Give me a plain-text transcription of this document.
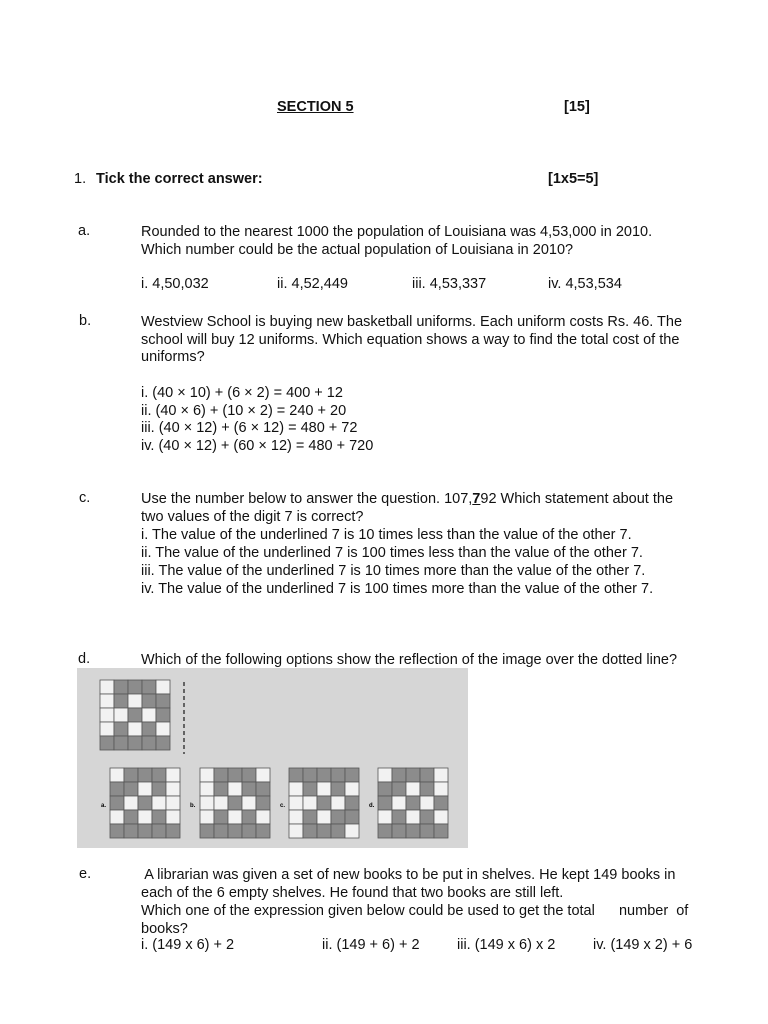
SECTION 5	[15]
1. Tick the correct answer:	[1x5=5]
a.	Rounded to the nearest 1000 the population of Louisiana was 4,53,000 in 2010.
Which number could be the actual population of Louisiana in 2010?
i. 4,50,032	ii. 4,52,449	iii. 4,53,337	iv. 4,53,534
b.	Westview School is buying new basketball uniforms. Each uniform costs Rs. 46. The
school will buy 12 uniforms. Which equation shows a way to find the total cost of the
uniforms?
i. (40 × 10) + (6 × 2) = 400 + 12
ii. (40 × 6) + (10 × 2) = 240 + 20
iii. (40 × 12) + (6 × 12) = 480 + 72
iv. (40 × 12) + (60 × 12) = 480 + 720
c.	Use the number below to answer the question. 107,792 Which statement about the
two values of the digit 7 is correct?
i. The value of the underlined 7 is 10 times less than the value of the other 7.
ii. The value of the underlined 7 is 100 times less than the value of the other 7.
iii. The value of the underlined 7 is 10 times more than the value of the other 7.
iv. The value of the underlined 7 is 100 times more than the value of the other 7.
d.	Which of the following options show the reflection of the image over the dotted line?
a.	b.	c.	d.
e.	A librarian was given a set of new books to be put in shelves. He kept 149 books in
each of the 6 empty shelves. He found that two books are still left.
Which one of the expression given below could be used to get the total      number  of
books?
i. (149 x 6) + 2	ii. (149 + 6) + 2	iii. (149 x 6) x 2	iv. (149 x 2) + 6
